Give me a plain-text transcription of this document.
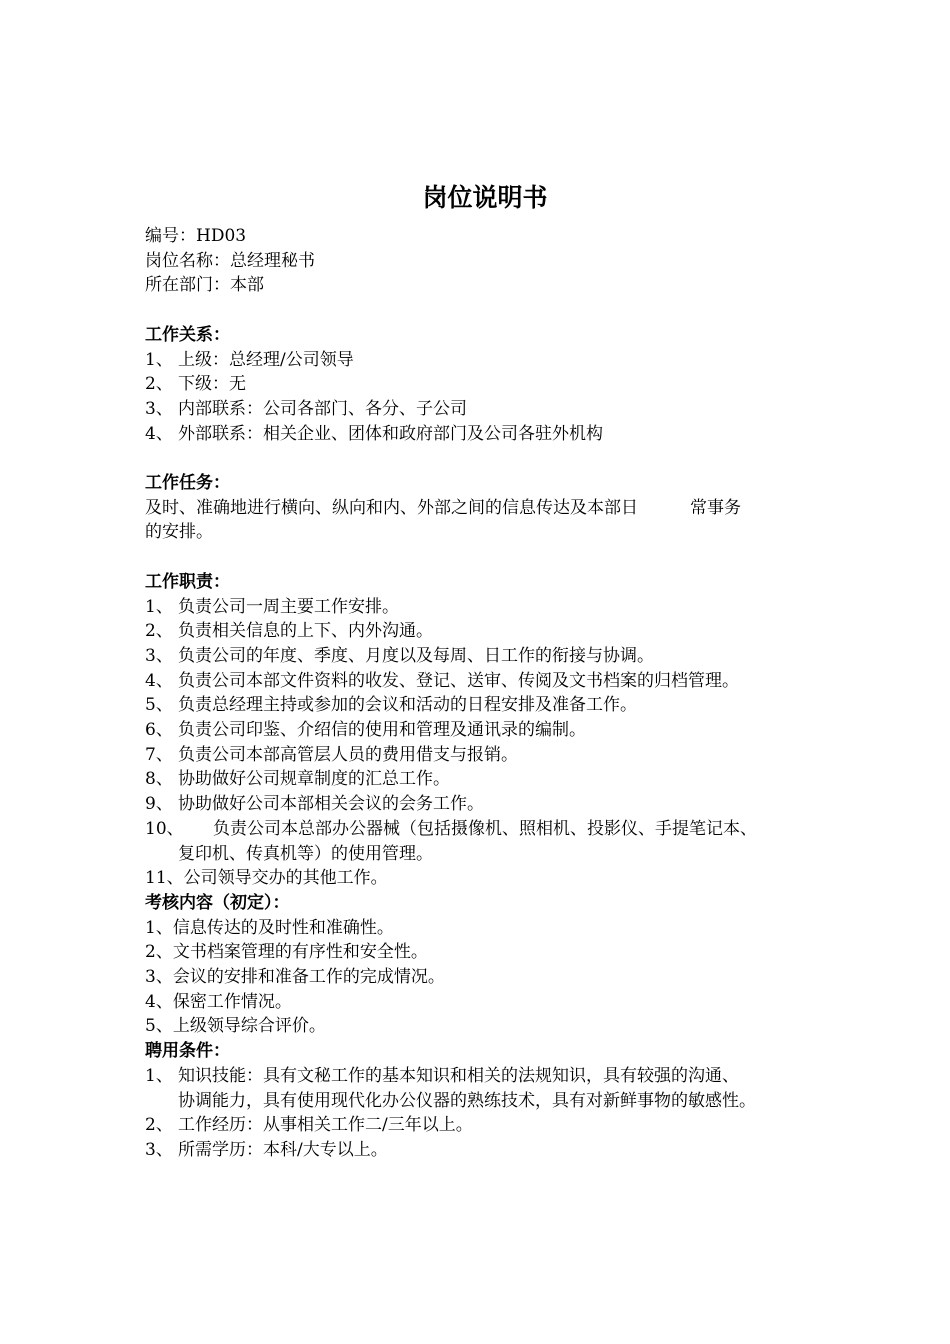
岗位说明书
编号：HD03
岗位名称：总经理秘书
所在部门：本部
工作关系：
1、 上级：总经理/公司领导
2、 下级：无
3、 内部联系：公司各部门、各分、子公司
4、 外部联系：相关企业、团体和政府部门及公司各驻外机构
工作任务：
及时、准确地进行横向、纵向和内、外部之间的信息传达及本部日	常事务
的安排。
工作职责：
1、 负责公司一周主要工作安排。
2、 负责相关信息的上下、内外沟通。
3、 负责公司的年度、季度、月度以及每周、日工作的衔接与协调。
4、 负责公司本部文件资料的收发、登记、送审、传阅及文书档案的归档管理。
5、 负责总经理主持或参加的会议和活动的日程安排及准备工作。
6、 负责公司印鉴、介绍信的使用和管理及通讯录的编制。
7、 负责公司本部高管层人员的费用借支与报销。
8、 协助做好公司规章制度的汇总工作。
9、 协助做好公司本部相关会议的会务工作。
10、 负责公司本总部办公器械（包括摄像机、照相机、投影仪、手提笔记本、
复印机、传真机等）的使用管理。
11、公司领导交办的其他工作。
考核内容（初定）：
1、信息传达的及时性和准确性。
2、文书档案管理的有序性和安全性。
3、会议的安排和准备工作的完成情况。
4、保密工作情况。
5、上级领导综合评价。
聘用条件：
1、 知识技能：具有文秘工作的基本知识和相关的法规知识，具有较强的沟通、
协调能力，具有使用现代化办公仪器的熟练技术，具有对新鲜事物的敏感性。
2、 工作经历：从事相关工作二/三年以上。
3、 所需学历：本科/大专以上。
